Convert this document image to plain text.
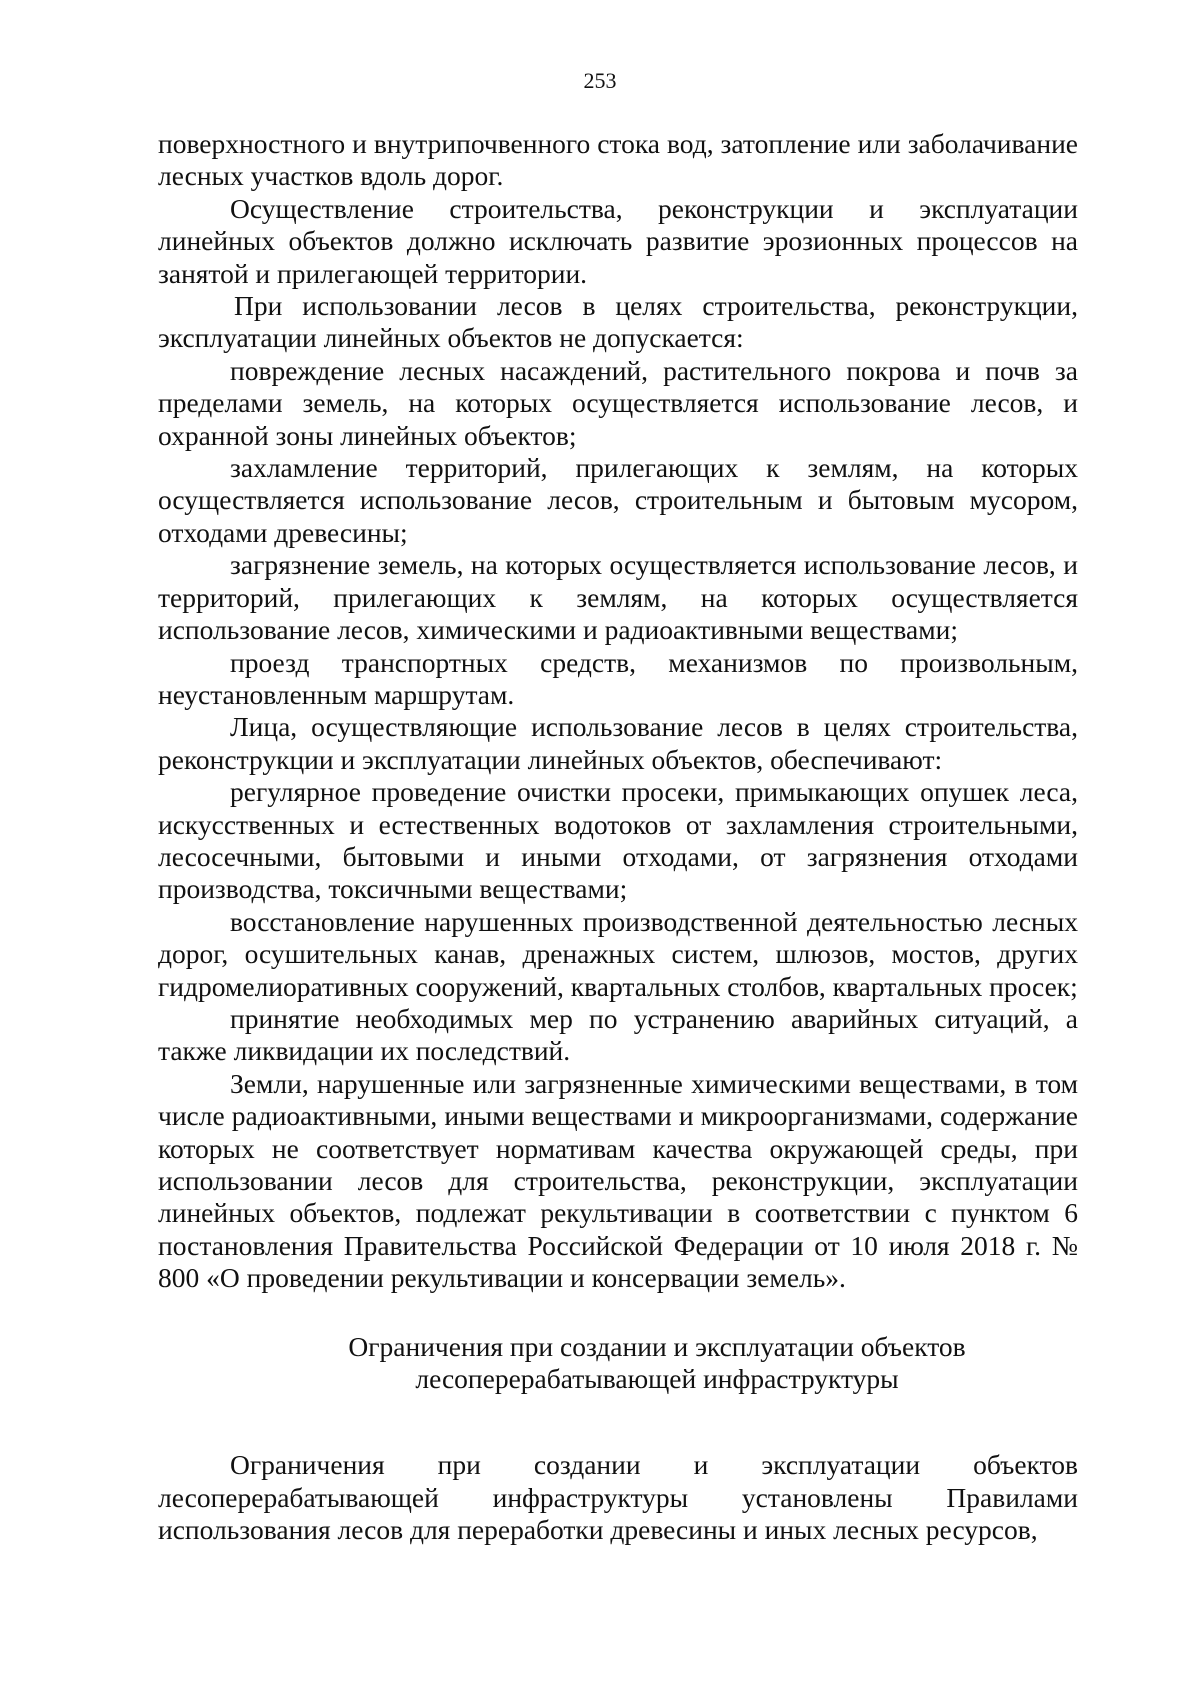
253

поверхностного и внутрипочвенного стока вод, затопление или заболачивание лесных участков вдоль дорог.

Осуществление строительства, реконструкции и эксплуатации линейных объектов должно исключать развитие эрозионных процессов на занятой и прилегающей территории.

При использовании лесов в целях строительства, реконструкции, эксплуатации линейных объектов не допускается:

повреждение лесных насаждений, растительного покрова и почв за пределами земель, на которых осуществляется использование лесов, и охранной зоны линейных объектов;

захламление территорий, прилегающих к землям, на которых осуществляется использование лесов, строительным и бытовым мусором, отходами древесины;

загрязнение земель, на которых осуществляется использование лесов, и территорий, прилегающих к землям, на которых осуществляется использование лесов, химическими и радиоактивными веществами;

проезд транспортных средств, механизмов по произвольным, неустановленным маршрутам.

Лица, осуществляющие использование лесов в целях строительства, реконструкции и эксплуатации линейных объектов, обеспечивают:

регулярное проведение очистки просеки, примыкающих опушек леса, искусственных и естественных водотоков от захламления строительными, лесосечными, бытовыми и иными отходами, от загрязнения отходами производства, токсичными веществами;

восстановление нарушенных производственной деятельностью лесных дорог, осушительных канав, дренажных систем, шлюзов, мостов, других гидромелиоративных сооружений, квартальных столбов, квартальных просек;

принятие необходимых мер по устранению аварийных ситуаций, а также ликвидации их последствий.

Земли, нарушенные или загрязненные химическими веществами, в том числе радиоактивными, иными веществами и микроорганизмами, содержание которых не соответствует нормативам качества окружающей среды, при использовании лесов для строительства, реконструкции, эксплуатации линейных объектов, подлежат рекультивации в соответствии с пунктом 6 постановления Правительства Российской Федерации от 10 июля 2018 г. № 800 «О проведении рекультивации и консервации земель».

Ограничения при создании и эксплуатации объектов
лесоперерабатывающей инфраструктуры

Ограничения при создании и эксплуатации объектов лесоперерабатывающей инфраструктуры установлены Правилами использования лесов для переработки древесины и иных лесных ресурсов,
